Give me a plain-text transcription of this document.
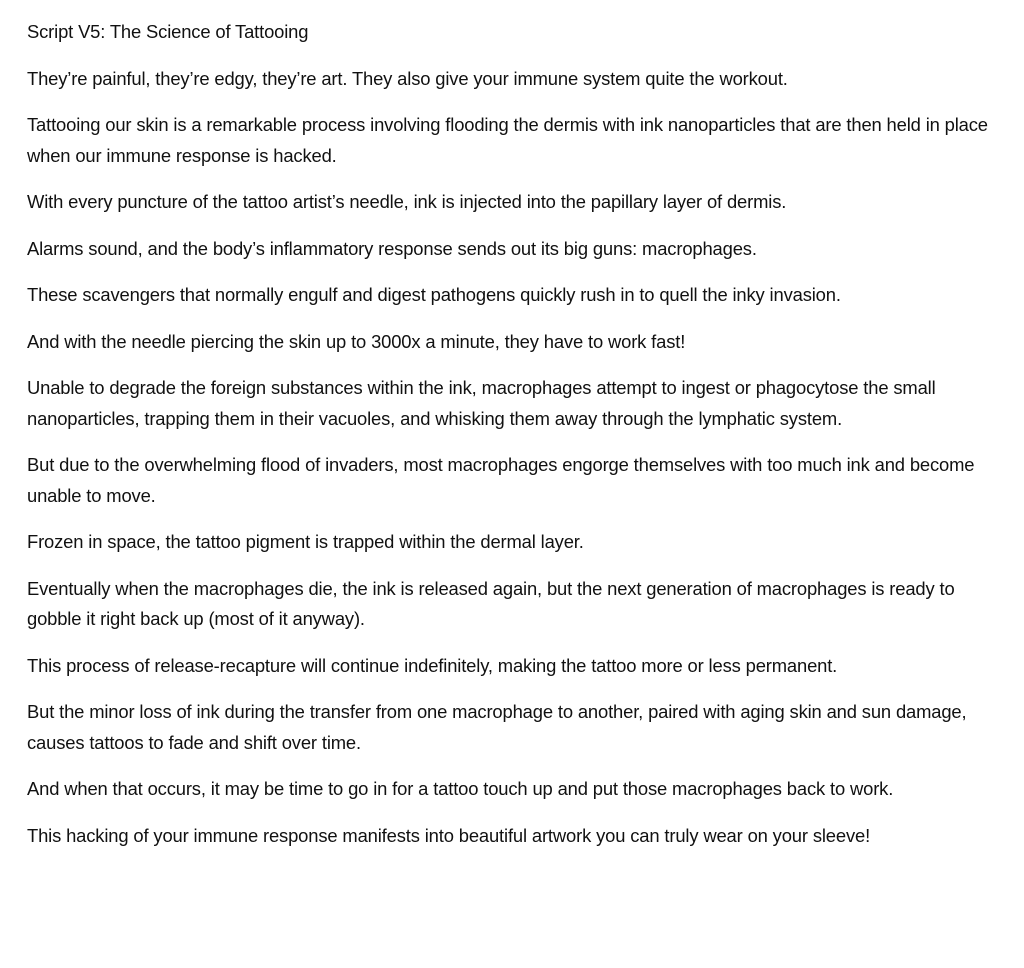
Script V5: The Science of Tattooing

They’re painful, they’re edgy, they’re art. They also give your immune system quite the workout.

Tattooing our skin is a remarkable process involving flooding the dermis with ink nanoparticles that are then held in place when our immune response is hacked.

With every puncture of the tattoo artist’s needle, ink is injected into the papillary layer of dermis.

Alarms sound, and the body’s inflammatory response sends out its big guns: macrophages.

These scavengers that normally engulf and digest pathogens quickly rush in to quell the inky invasion.

And with the needle piercing the skin up to 3000x a minute, they have to work fast!

Unable to degrade the foreign substances within the ink, macrophages attempt to ingest or phagocytose the small nanoparticles, trapping them in their vacuoles, and whisking them away through the lymphatic system.

But due to the overwhelming flood of invaders, most macrophages engorge themselves with too much ink and become unable to move.

Frozen in space, the tattoo pigment is trapped within the dermal layer.

Eventually when the macrophages die, the ink is released again, but the next generation of macrophages is ready to gobble it right back up (most of it anyway).

This process of release-recapture will continue indefinitely, making the tattoo more or less permanent.

But the minor loss of ink during the transfer from one macrophage to another, paired with aging skin and sun damage, causes tattoos to fade and shift over time.

And when that occurs, it may be time to go in for a tattoo touch up and put those macrophages back to work.

This hacking of your immune response manifests into beautiful artwork you can truly wear on your sleeve!
